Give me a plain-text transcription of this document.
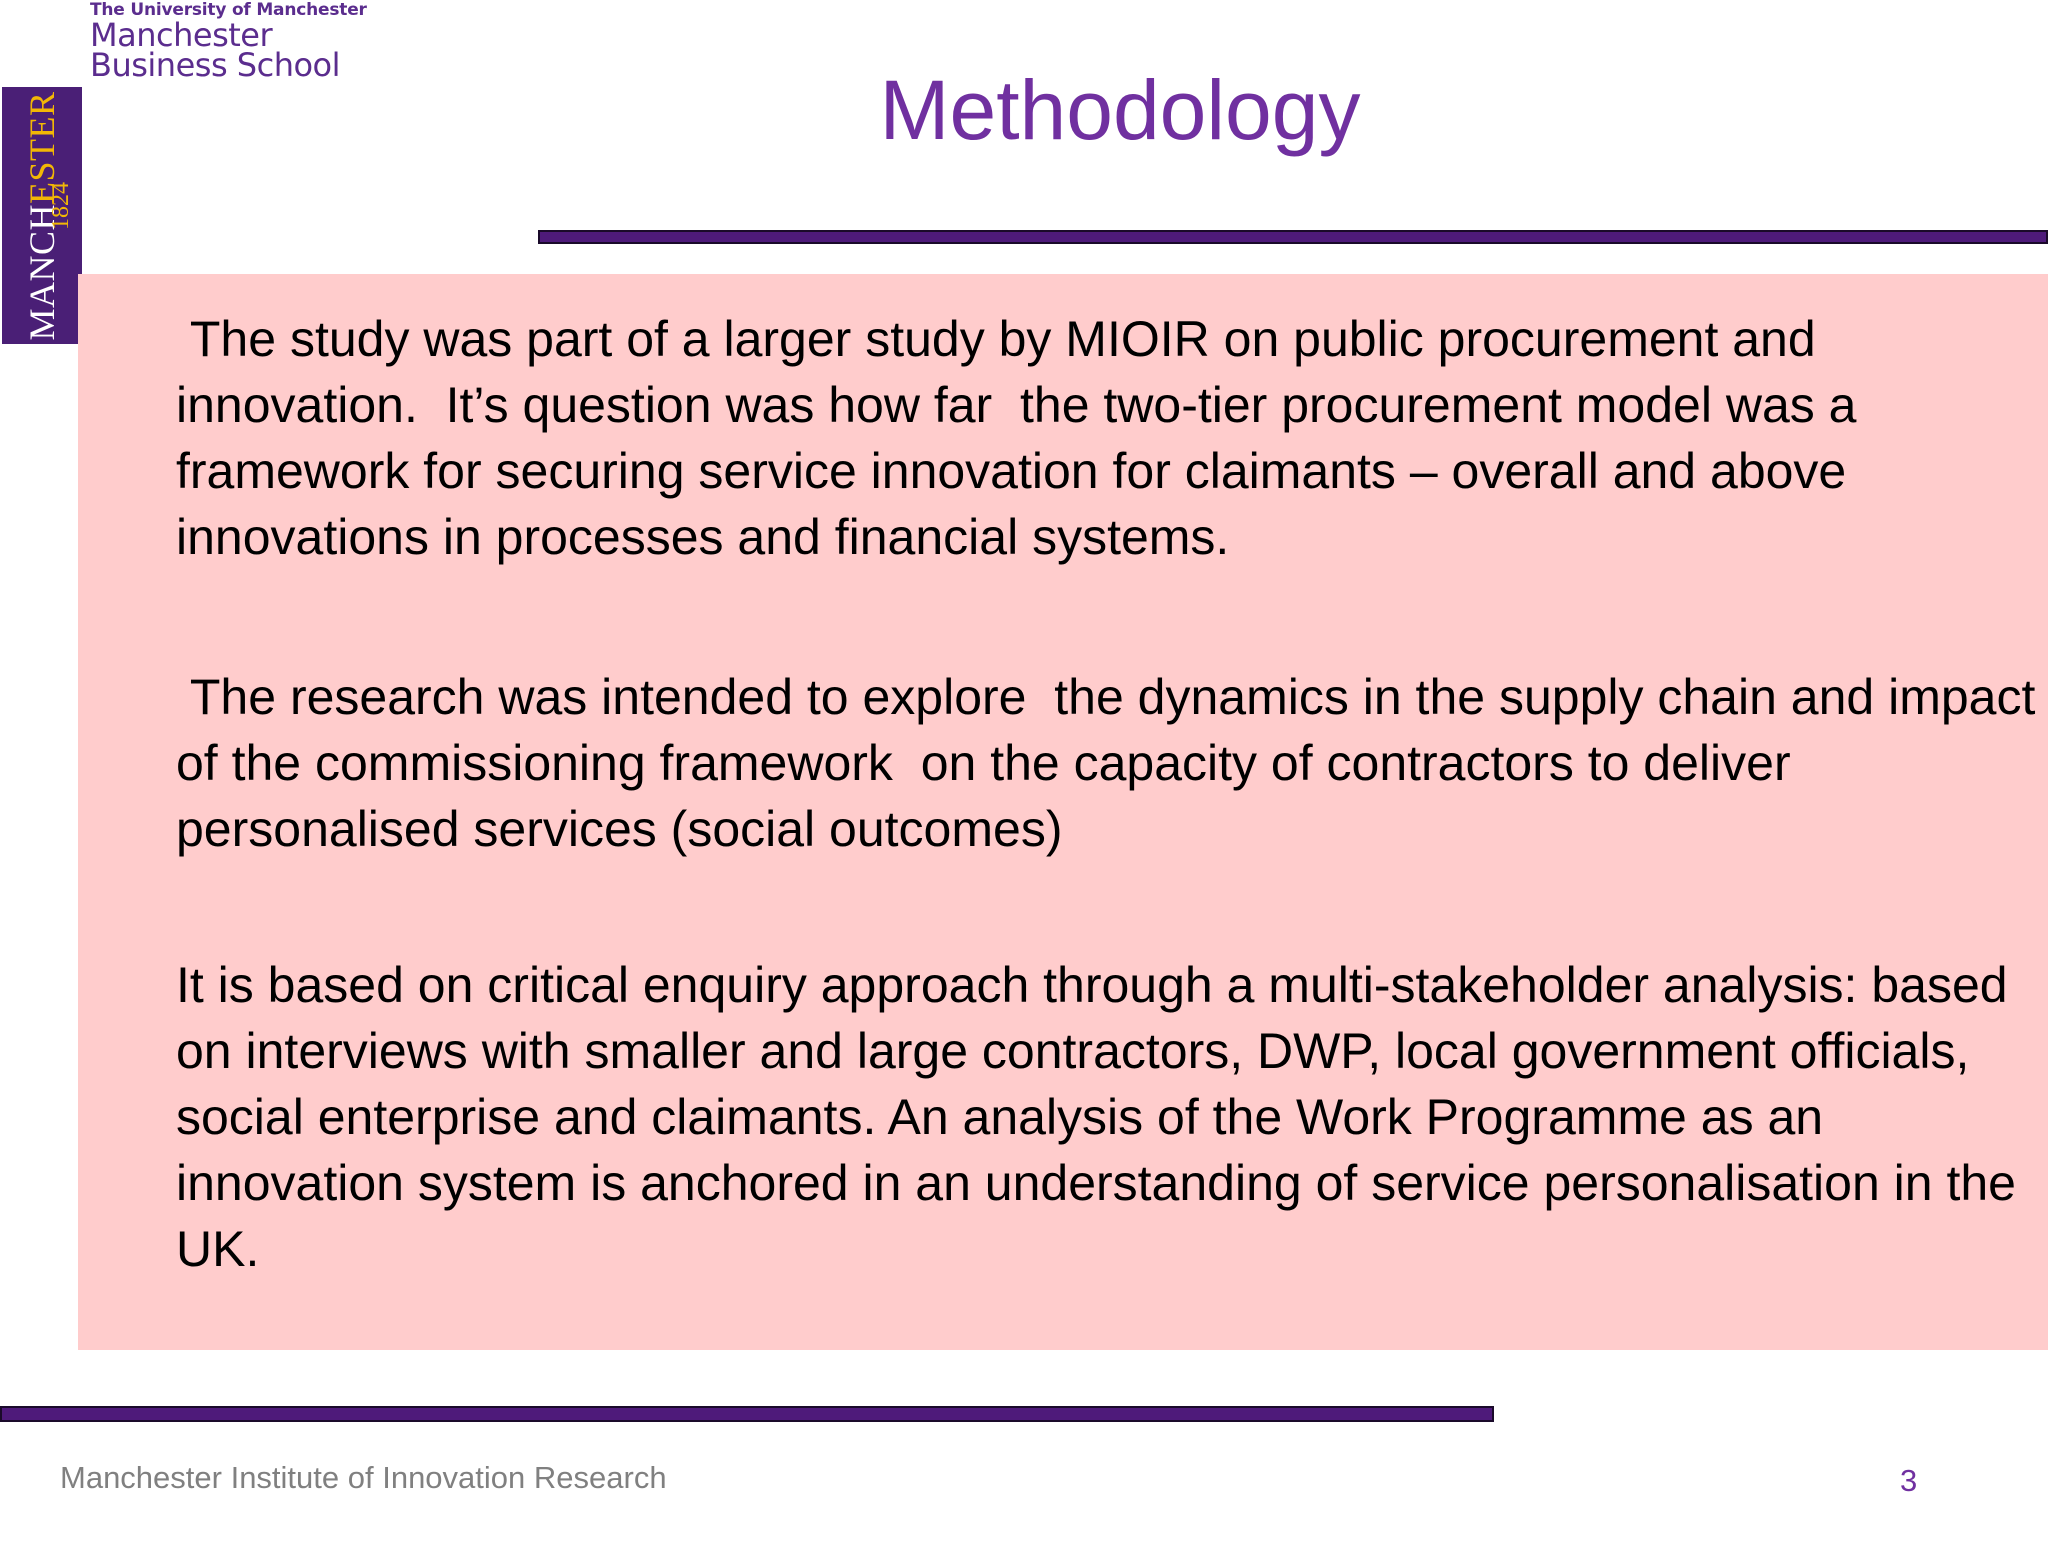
The University of Manchester
Manchester
Business School
MANCHESTER
1824
Methodology
The study was part of a larger study by MIOIR on public procurement and innovation.  It’s question was how far  the two-tier procurement model was a framework for securing service innovation for claimants – overall and above innovations in processes and financial systems.
The research was intended to explore  the dynamics in the supply chain and impact of the commissioning framework  on the capacity of contractors to deliver personalised services (social outcomes)
It is based on critical enquiry approach through a multi-stakeholder analysis: based on interviews with smaller and large contractors, DWP, local government officials, social enterprise and claimants. An analysis of the Work Programme as an innovation system is anchored in an understanding of service personalisation in the UK.
Manchester Institute of Innovation Research	3
